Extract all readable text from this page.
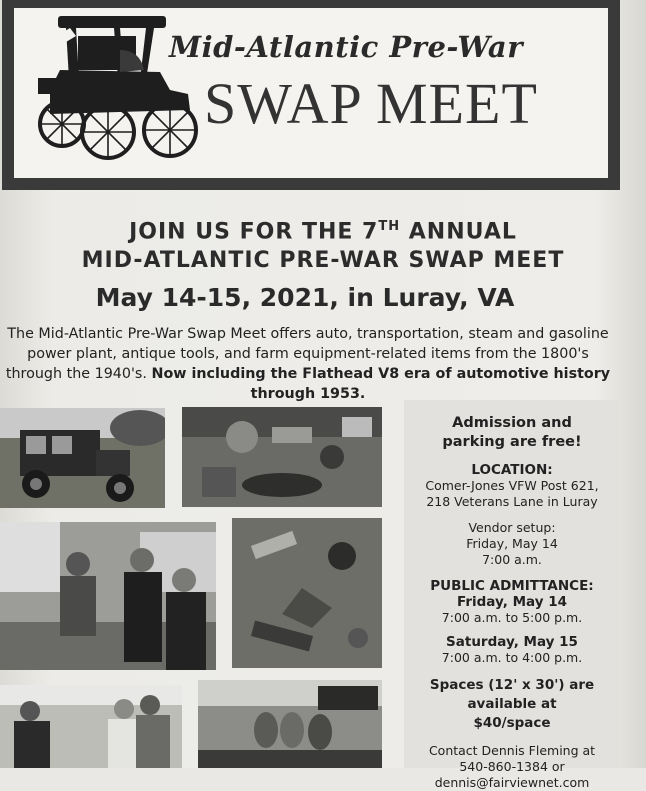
Mid-Atlantic Pre-War
SWAP MEET
JOIN US FOR THE 7TH ANNUAL
MID-ATLANTIC PRE-WAR SWAP MEET
May 14-15, 2021, in Luray, VA
The Mid-Atlantic Pre-War Swap Meet offers auto, transportation, steam and gasoline power plant, antique tools, and farm equipment-related items from the 1800's through the 1940's. Now including the Flathead V8 era of automotive history through 1953.
Admission and parking are free!
LOCATION:
Comer-Jones VFW Post 621,
218 Veterans Lane in Luray
Vendor setup:
Friday, May 14
7:00 a.m.
PUBLIC ADMITTANCE:
Friday, May 14
7:00 a.m. to 5:00 p.m.
Saturday, May 15
7:00 a.m. to 4:00 p.m.
Spaces (12' x 30') are available at $40/space
Contact Dennis Fleming at
540-860-1384 or
dennis@fairviewnet.com
